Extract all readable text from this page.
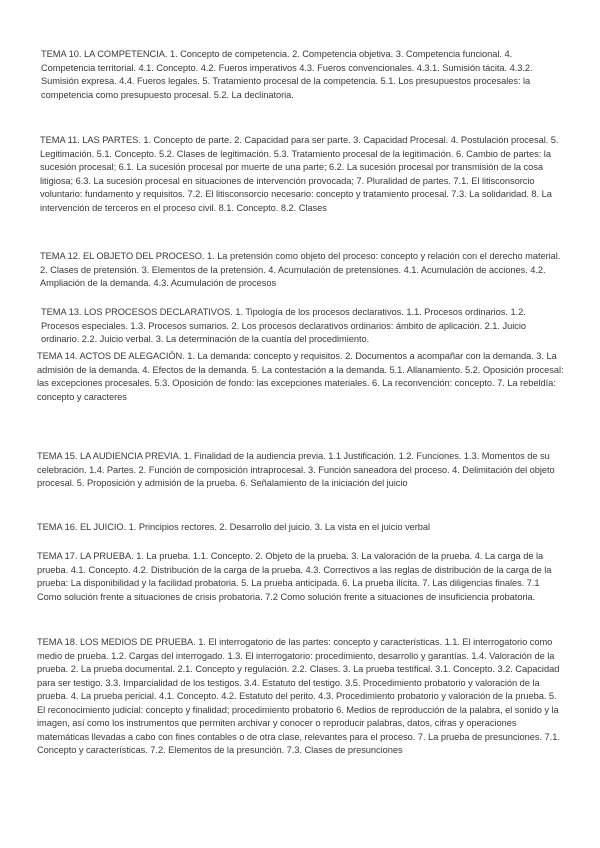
TEMA 10. LA COMPETENCIA. 1. Concepto de competencia. 2. Competencia objetiva. 3. Competencia funcional. 4. Competencia territorial. 4.1. Concepto. 4.2. Fueros imperativos 4.3. Fueros convencionales. 4.3.1. Sumisión tácita. 4.3.2. Sumisión expresa. 4.4. Fueros legales. 5. Tratamiento procesal de la competencia. 5.1. Los presupuestos procesales: la competencia como presupuesto procesal. 5.2. La declinatoria.

TEMA 11. LAS PARTES. 1. Concepto de parte. 2. Capacidad para ser parte. 3. Capacidad Procesal. 4. Postulación procesal. 5. Legitimación. 5.1. Concepto. 5.2. Clases de legitimación. 5.3. Tratamiento procesal de la legitimación. 6. Cambio de partes: la sucesión procesal; 6.1. La sucesión procesal por muerte de una parte; 6.2. La sucesión procesal por transmisión de la cosa litigiosa; 6.3. La sucesión procesal en situaciones de intervención provocada; 7. Pluralidad de partes. 7.1. El litisconsorcio voluntario: fundamento y requisitos. 7.2. El litisconsorcio necesario: concepto y tratamiento procesal. 7.3. La solidaridad. 8. La intervención de terceros en el proceso civil. 8.1. Concepto. 8.2. Clases

TEMA 12. EL OBJETO DEL PROCESO. 1. La pretensión como objeto del proceso: concepto y relación con el derecho material. 2. Clases de pretensión. 3. Elementos de la pretensión. 4. Acumulación de pretensiones. 4.1. Acumulación de acciones. 4.2. Ampliación de la demanda. 4.3. Acumulación de procesos

TEMA 13. LOS PROCESOS DECLARATIVOS. 1. Tipología de los procesos declarativos. 1.1. Procesos ordinarios. 1.2. Procesos especiales. 1.3. Procesos sumarios. 2. Los procesos declarativos ordinarios: ámbito de aplicación. 2.1. Juicio ordinario. 2.2. Juicio verbal. 3. La determinación de la cuantía del procedimiento.

TEMA 14. ACTOS DE ALEGACIÓN. 1. La demanda: concepto y requisitos. 2. Documentos a acompañar con la demanda. 3. La admisión de la demanda. 4. Efectos de la demanda. 5. La contestación a la demanda. 5.1. Allanamiento. 5.2. Oposición procesal: las excepciones procesales. 5.3. Oposición de fondo: las excepciones materiales. 6. La reconvención: concepto. 7. La rebeldía: concepto y caracteres

TEMA 15. LA AUDIENCIA PREVIA. 1. Finalidad de la audiencia previa. 1.1 Justificación. 1.2. Funciones. 1.3. Momentos de su celebración. 1.4. Partes. 2. Función de composición intraprocesal. 3. Función saneadora del proceso. 4. Delimitación del objeto procesal. 5. Proposición y admisión de la prueba. 6. Señalamiento de la iniciación del juicio

TEMA 16. EL JUICIO. 1. Principios rectores. 2. Desarrollo del juicio. 3. La vista en el juicio verbal

TEMA 17. LA PRUEBA. 1. La prueba. 1.1. Concepto. 2. Objeto de la prueba. 3. La valoración de la prueba. 4. La carga de la prueba. 4.1. Concepto. 4.2. Distribución de la carga de la prueba. 4.3. Correctivos a las reglas de distribución de la carga de la prueba: La disponibilidad y la facilidad probatoria. 5. La prueba anticipada. 6. La prueba ilícita. 7. Las diligencias finales. 7.1 Como solución frente a situaciones de crisis probatoria. 7.2 Como solución frente a situaciones de insuficiencia probatoria.

TEMA 18. LOS MEDIOS DE PRUEBA. 1. El interrogatorio de las partes: concepto y características. 1.1. El interrogatorio como medio de prueba. 1.2. Cargas del interrogado. 1.3. El interrogatorio: procedimiento, desarrollo y garantías. 1.4. Valoración de la prueba. 2. La prueba documental. 2.1. Concepto y regulación. 2.2. Clases. 3. La prueba testifical. 3.1. Concepto. 3.2. Capacidad para ser testigo. 3.3. Imparcialidad de los testigos. 3.4. Estatuto del testigo. 3.5. Procedimiento probatorio y valoración de la prueba. 4. La prueba pericial. 4.1. Concepto. 4.2. Estatuto del perito. 4.3. Procedimiento probatorio y valoración de la prueba. 5. El reconocimiento judicial: concepto y finalidad; procedimiento probatorio 6. Medios de reproducción de la palabra, el sonido y la imagen, así como los instrumentos que permiten archivar y conocer o reproducir palabras, datos, cifras y operaciones matemáticas llevadas a cabo con fines contables o de otra clase, relevantes para el proceso. 7. La prueba de presunciones. 7.1. Concepto y características. 7.2. Elementos de la presunción. 7.3. Clases de presunciones
